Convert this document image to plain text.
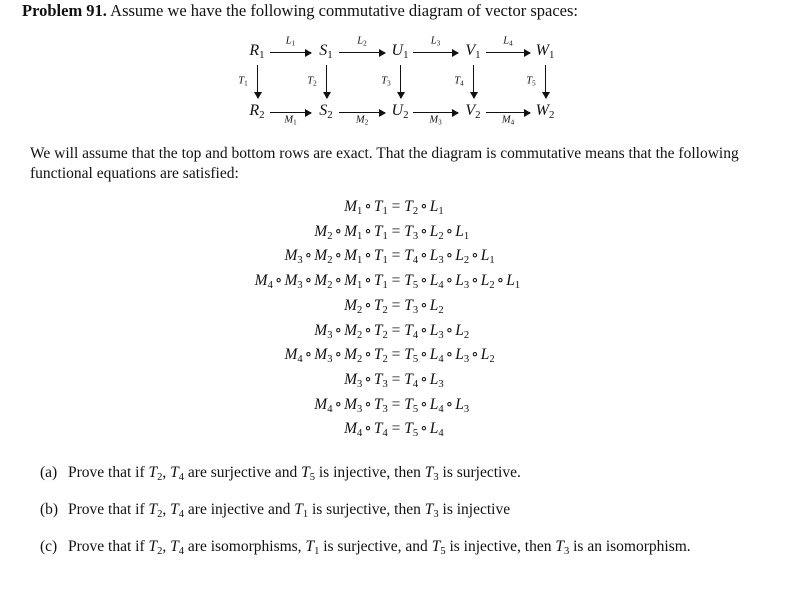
Problem 91. Assume we have the following commutative diagram of vector spaces:
$R_1$	$S_1$	$U_1$	$V_1$	$W_1$
$R_2$	$S_2$	$U_2$	$V_2$	$W_2$
$L_1$
$M_1$
$L_2$
$M_2$
$L_3$
$M_3$
$L_4$
$M_4$
$T_1$	$T_2$	$T_3$	$T_4$	$T_5$
We will assume that the top and bottom rows are exact. That the diagram is commutative means that the following functional equations are satisfied:
$M_1$ ∘ $T_1 = T_2$ ∘ $L_1$
$M_2$ ∘ $M_1$ ∘ $T_1 = T_3$ ∘ $L_2$ ∘ $L_1$
$M_3$ ∘ $M_2$ ∘ $M_1$ ∘ $T_1 = T_4$ ∘ $L_3$ ∘ $L_2$ ∘ $L_1$
$M_4$ ∘ $M_3$ ∘ $M_2$ ∘ $M_1$ ∘ $T_1 = T_5$ ∘ $L_4$ ∘ $L_3$ ∘ $L_2$ ∘ $L_1$
$M_2$ ∘ $T_2 = T_3$ ∘ $L_2$
$M_3$ ∘ $M_2$ ∘ $T_2 = T_4$ ∘ $L_3$ ∘ $L_2$
$M_4$ ∘ $M_3$ ∘ $M_2$ ∘ $T_2 = T_5$ ∘ $L_4$ ∘ $L_3$ ∘ $L_2$
$M_3$ ∘ $T_3 = T_4$ ∘ $L_3$
$M_4$ ∘ $M_3$ ∘ $T_3 = T_5$ ∘ $L_4$ ∘ $L_3$
$M_4$ ∘ $T_4 = T_5$ ∘ $L_4$
(a) Prove that if $T_2$, $T_4$ are surjective and $T_5$ is injective, then $T_3$ is surjective.
(b) Prove that if $T_2$, $T_4$ are injective and $T_1$ is surjective, then $T_3$ is injective
(c) Prove that if $T_2$, $T_4$ are isomorphisms, $T_1$ is surjective, and $T_5$ is injective, then $T_3$ is an isomorphism.
